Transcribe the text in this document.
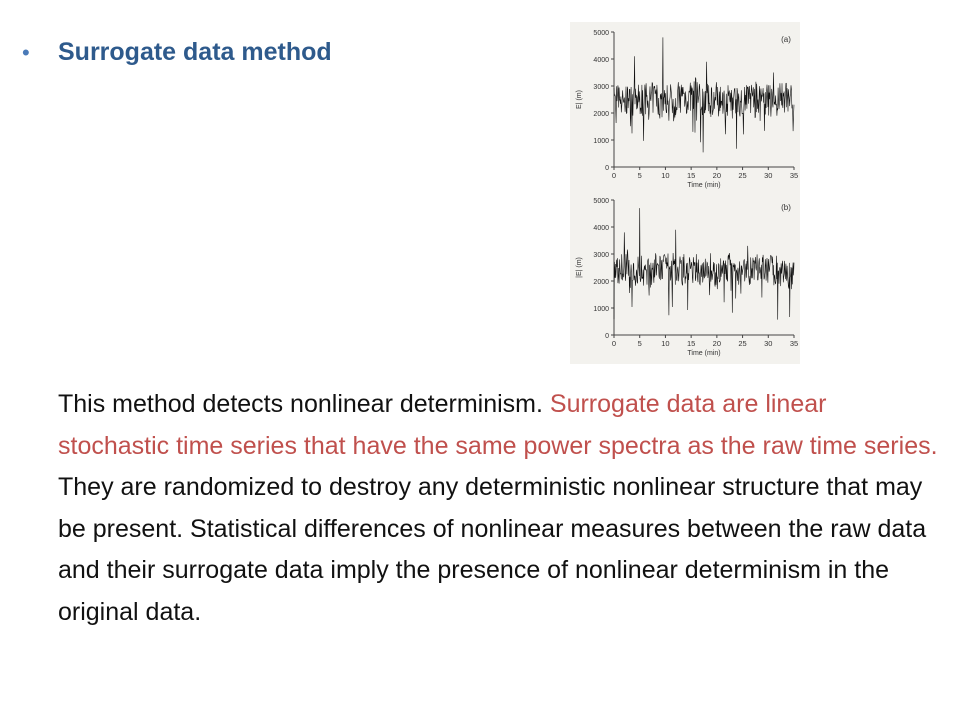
•	Surrogate data method
0
1000
2000
3000
4000
5000
0	5	10 15 20 25 30 35
Time (min)
E| (m)
(a)
0
1000
2000
3000
4000
5000
0	5	10 15 20 25 30 35
Time (min)
|E| (m)
(b)
This method detects nonlinear determinism. Surrogate data are linear stochastic time series that have the same power spectra as the raw time series. They are randomized to destroy any deterministic nonlinear structure that may be present. Statistical differences of nonlinear measures between the raw data and their surrogate data imply the presence of nonlinear determinism in the original data.
